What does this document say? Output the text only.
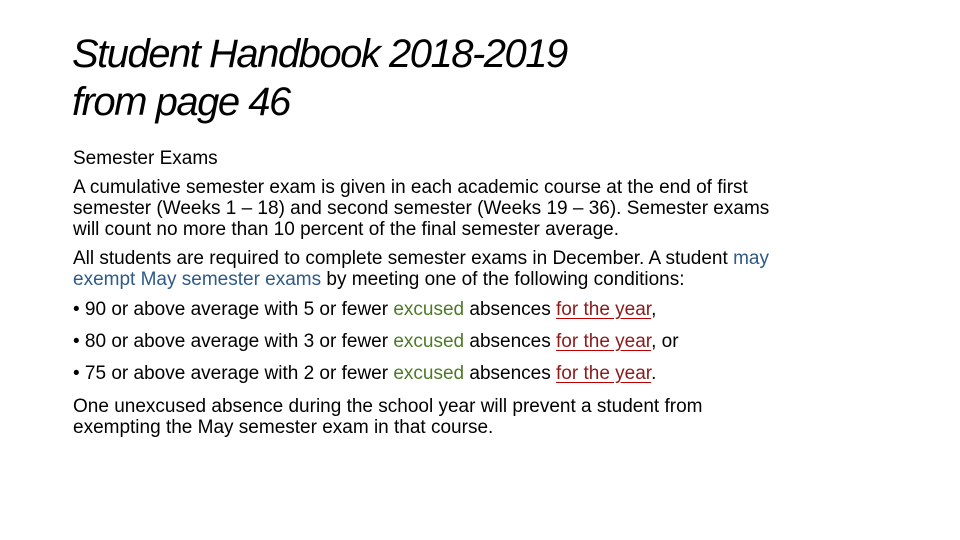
Student Handbook 2018-2019
from page 46

Semester Exams

A cumulative semester exam is given in each academic course at the end of first
semester (Weeks 1 – 18) and second semester (Weeks 19 – 36). Semester exams
will count no more than 10 percent of the final semester average.

All students are required to complete semester exams in December. A student may
exempt May semester exams by meeting one of the following conditions:

• 90 or above average with 5 or fewer excused absences for the year,
• 80 or above average with 3 or fewer excused absences for the year, or
• 75 or above average with 2 or fewer excused absences for the year.

One unexcused absence during the school year will prevent a student from
exempting the May semester exam in that course.
